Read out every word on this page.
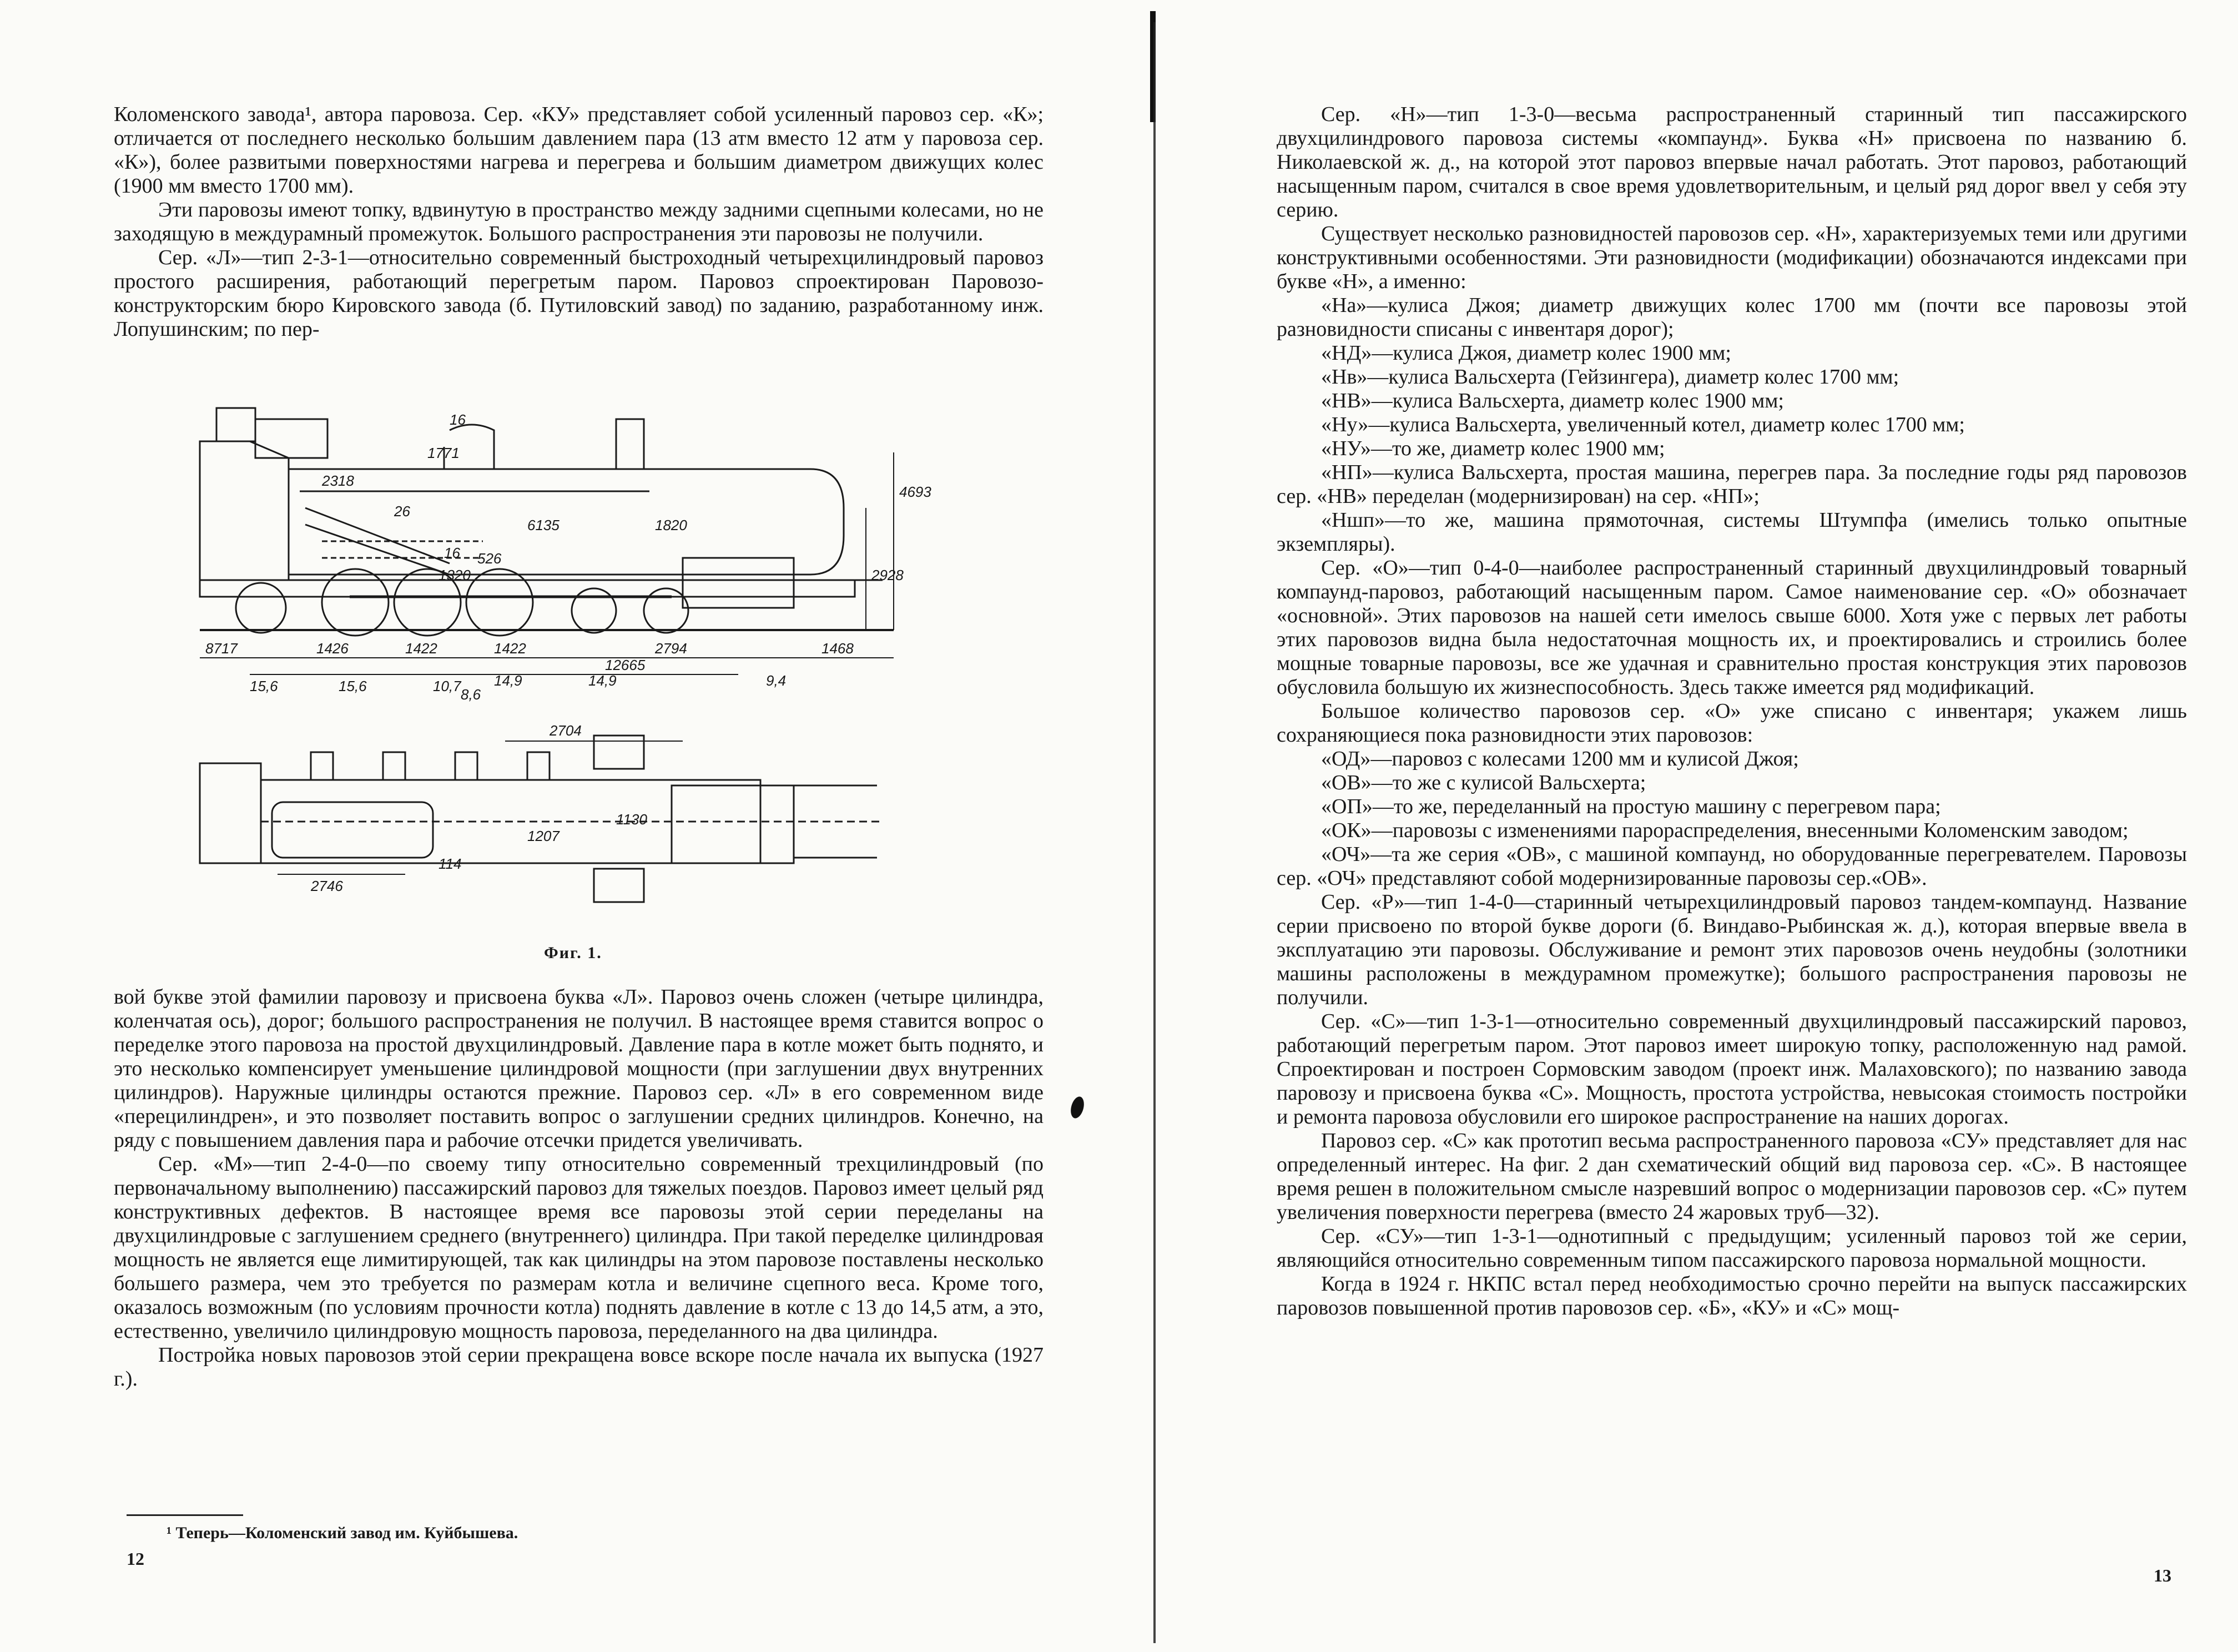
Коломенского завода¹, автора паровоза. Сер. «КУ» представляет собой усиленный паровоз сер. «К»; отличается от последнего несколько большим давлением пара (13 атм вместо 12 атм у паровоза сер. «К»), более развитыми поверхностями нагрева и перегрева и большим диаметром движущих колес (1900 мм вместо 1700 мм).

Эти паровозы имеют топку, вдвинутую в пространство между задними сцепными колесами, но не заходящую в междурамный промежуток. Большого распространения эти паровозы не получили.

Сер. «Л»—тип 2-3-1—относительно современный быстроходный четырехцилиндровый паровоз простого расширения, работающий перегретым паром. Паровоз спроектирован Паровозо-конструкторским бюро Кировского завода (б. Путиловский завод) по заданию, разработанному инж. Лопушинским; по пер-

16
1771
2318
26
6135	1820
4693
16 526
1320	2928
8717	1426	1422	1422	2794	1468
12665
15,6	15,6	10,7 14,9	14,9	9,4
8,6
2704
1207
1130
2746
114
Фиг. 1.

вой букве этой фамилии паровозу и присвоена буква «Л». Паровоз очень сложен (четыре цилиндра, коленчатая ось), дорог; большого распространения не получил. В настоящее время ставится вопрос о переделке этого паровоза на простой двухцилиндровый. Давление пара в котле может быть поднято, и это несколько компенсирует уменьшение цилиндровой мощности (при заглушении двух внутренних цилиндров). Наружные цилиндры остаются прежние. Паровоз сер. «Л» в его современном виде «перецилиндрен», и это позволяет поставить вопрос о заглушении средних цилиндров. Конечно, на ряду с повышением давления пара и рабочие отсечки придется увеличивать.

Сер. «М»—тип 2-4-0—по своему типу относительно современный трехцилиндровый (по первоначальному выполнению) пассажирский паровоз для тяжелых поездов. Паровоз имеет целый ряд конструктивных дефектов. В настоящее время все паровозы этой серии переделаны на двухцилиндровые с заглушением среднего (внутреннего) цилиндра. При такой переделке цилиндровая мощность не является еще лимитирующей, так как цилиндры на этом паровозе поставлены несколько большего размера, чем это требуется по размерам котла и величине сцепного веса. Кроме того, оказалось возможным (по условиям прочности котла) поднять давление в котле с 13 до 14,5 атм, а это, естественно, увеличило цилиндровую мощность паровоза, переделанного на два цилиндра.

Постройка новых паровозов этой серии прекращена вовсе вскоре после начала их выпуска (1927 г.).

¹ Теперь—Коломенский завод им. Куйбышева.
12

Сер. «Н»—тип 1-3-0—весьма распространенный старинный тип пассажирского двухцилиндрового паровоза системы «компаунд». Буква «Н» присвоена по названию б. Николаевской ж. д., на которой этот паровоз впервые начал работать. Этот паровоз, работающий насыщенным паром, считался в свое время удовлетворительным, и целый ряд дорог ввел у себя эту серию.

Существует несколько разновидностей паровозов сер. «Н», характеризуемых теми или другими конструктивными особенностями. Эти разновидности (модификации) обозначаются индексами при букве «Н», а именно:

«На»—кулиса Джоя; диаметр движущих колес 1700 мм (почти все паровозы этой разновидности списаны с инвентаря дорог);

«НД»—кулиса Джоя, диаметр колес 1900 мм;

«Нв»—кулиса Вальсхерта (Гейзингера), диаметр колес 1700 мм;

«НВ»—кулиса Вальсхерта, диаметр колес 1900 мм;

«Ну»—кулиса Вальсхерта, увеличенный котел, диаметр колес 1700 мм;

«НУ»—то же, диаметр колес 1900 мм;

«НП»—кулиса Вальсхерта, простая машина, перегрев пара. За последние годы ряд паровозов сер. «НВ» переделан (модернизирован) на сер. «НП»;

«Ншп»—то же, машина прямоточная, системы Штумпфа (имелись только опытные экземпляры).

Сер. «О»—тип 0-4-0—наиболее распространенный старинный двухцилиндровый товарный компаунд-паровоз, работающий насыщенным паром. Самое наименование сер. «О» обозначает «основной». Этих паровозов на нашей сети имелось свыше 6000. Хотя уже с первых лет работы этих паровозов видна была недостаточная мощность их, и проектировались и строились более мощные товарные паровозы, все же удачная и сравнительно простая конструкция этих паровозов обусловила большую их жизнеспособность. Здесь также имеется ряд модификаций.

Большое количество паровозов сер. «О» уже списано с инвентаря; укажем лишь сохраняющиеся пока разновидности этих паровозов:

«ОД»—паровоз с колесами 1200 мм и кулисой Джоя;

«ОВ»—то же с кулисой Вальсхерта;

«ОП»—то же, переделанный на простую машину с перегревом пара;

«ОК»—паровозы с изменениями парораспределения, внесенными Коломенским заводом;

«ОЧ»—та же серия «ОВ», с машиной компаунд, но оборудованные перегревателем. Паровозы сер. «ОЧ» представляют собой модернизированные паровозы сер.«ОВ».

Сер. «Р»—тип 1-4-0—старинный четырехцилиндровый паровоз тандем-компаунд. Название серии присвоено по второй букве дороги (б. Виндаво-Рыбинская ж. д.), которая впервые ввела в эксплуатацию эти паровозы. Обслуживание и ремонт этих паровозов очень неудобны (золотники машины расположены в междурамном промежутке); большого распространения паровозы не получили.

Сер. «С»—тип 1-3-1—относительно современный двухцилиндровый пассажирский паровоз, работающий перегретым паром. Этот паровоз имеет широкую топку, расположенную над рамой. Спроектирован и построен Сормовским заводом (проект инж. Малаховского); по названию завода паровозу и присвоена буква «С». Мощность, простота устройства, невысокая стоимость постройки и ремонта паровоза обусловили его широкое распространение на наших дорогах.

Паровоз сер. «С» как прототип весьма распространенного паровоза «СУ» представляет для нас определенный интерес. На фиг. 2 дан схематический общий вид паровоза сер. «С». В настоящее время решен в положительном смысле назревший вопрос о модернизации паровозов сер. «С» путем увеличения поверхности перегрева (вместо 24 жаровых труб—32).

Сер. «СУ»—тип 1-3-1—однотипный с предыдущим; усиленный паровоз той же серии, являющийся относительно современным типом пассажирского паровоза нормальной мощности.

Когда в 1924 г. НКПС встал перед необходимостью срочно перейти на выпуск пассажирских паровозов повышенной против паровозов сер. «Б», «КУ» и «С» мощ-

13
